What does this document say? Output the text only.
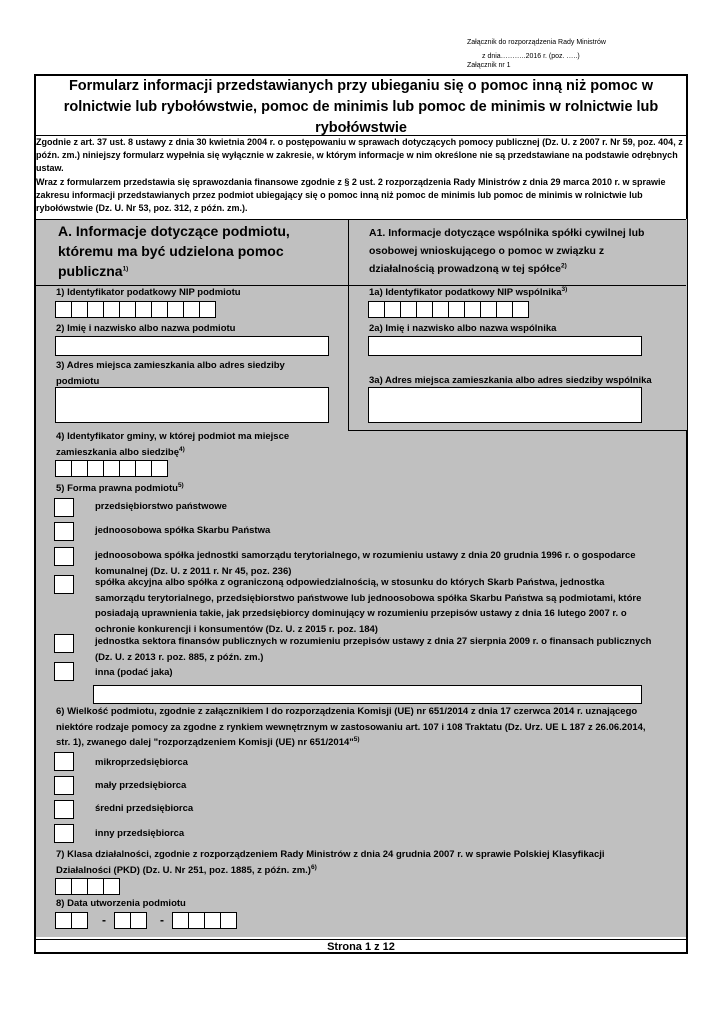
Załącznik do rozporządzenia Rady Ministrów
z dnia………..2016 r. (poz. …..)
Załącznik nr 1
Formularz informacji przedstawianych przy ubieganiu się o pomoc inną niż pomoc w rolnictwie lub rybołówstwie, pomoc de minimis lub pomoc de minimis w rolnictwie lub rybołówstwie
Zgodnie z art. 37 ust. 8 ustawy z dnia 30 kwietnia 2004 r. o postępowaniu w sprawach dotyczących pomocy publicznej (Dz. U. z 2007 r. Nr 59, poz. 404, z późn. zm.) niniejszy formularz wypełnia się wyłącznie w zakresie, w którym informacje w nim określone nie są przedstawiane na podstawie odrębnych ustaw.
Wraz z formularzem przedstawia się sprawozdania finansowe zgodnie z § 2 ust. 2 rozporządzenia Rady Ministrów z dnia 29 marca 2010 r. w sprawie zakresu informacji przedstawianych przez podmiot ubiegający się o pomoc inną niż pomoc de minimis lub pomoc de minimis w rolnictwie lub rybołówstwie (Dz. U. Nr 53, poz. 312, z późn. zm.).
A. Informacje dotyczące podmiotu, któremu ma być udzielona pomoc publiczna$^{1)}$
A1. Informacje dotyczące wspólnika spółki cywilnej lub osobowej wnioskującego o pomoc w związku z działalnością prowadzoną w tej spółce$^{2)}$
1) Identyfikator podatkowy NIP podmiotu	1a) Identyfikator podatkowy NIP wspólnika$^{3)}$
2) Imię i nazwisko albo nazwa podmiotu	2a) Imię i nazwisko albo nazwa wspólnika
3) Adres miejsca zamieszkania albo adres siedziby podmiotu	3a) Adres miejsca zamieszkania albo adres siedziby wspólnika
4) Identyfikator gminy, w której podmiot ma miejsce zamieszkania albo siedzibę$^{4)}$
5) Forma prawna podmiotu$^{5)}$
przedsiębiorstwo państwowe
jednoosobowa spółka Skarbu Państwa
jednoosobowa spółka jednostki samorządu terytorialnego, w rozumieniu ustawy z dnia 20 grudnia 1996 r. o gospodarce komunalnej (Dz. U. z 2011 r. Nr 45, poz. 236)
spółka akcyjna albo spółka z ograniczoną odpowiedzialnością, w stosunku do których Skarb Państwa, jednostka samorządu terytorialnego, przedsiębiorstwo państwowe lub jednoosobowa spółka Skarbu Państwa są podmiotami, które posiadają uprawnienia takie, jak przedsiębiorcy dominujący w rozumieniu przepisów ustawy z dnia 16 lutego 2007 r. o ochronie konkurencji i konsumentów (Dz. U. z 2015 r. poz. 184)
jednostka sektora finansów publicznych w rozumieniu przepisów ustawy z dnia 27 sierpnia 2009 r. o finansach publicznych (Dz. U. z 2013 r. poz. 885, z późn. zm.)
inna (podać jaka)
6) Wielkość podmiotu, zgodnie z załącznikiem I do rozporządzenia Komisji (UE) nr 651/2014 z dnia 17 czerwca 2014 r. uznającego niektóre rodzaje pomocy za zgodne z rynkiem wewnętrznym w zastosowaniu art. 107 i 108 Traktatu (Dz. Urz. UE L 187 z 26.06.2014, str. 1), zwanego dalej "rozporządzeniem Komisji (UE) nr 651/2014"$^{5)}$
mikroprzedsiębiorca
mały przedsiębiorca
średni przedsiębiorca
inny przedsiębiorca
7) Klasa działalności, zgodnie z rozporządzeniem Rady Ministrów z dnia 24 grudnia 2007 r. w sprawie Polskiej Klasyfikacji Działalności (PKD) (Dz. U. Nr 251, poz. 1885, z późn. zm.)$^{6)}$
8) Data utworzenia podmiotu
-	-
Strona 1 z 12
